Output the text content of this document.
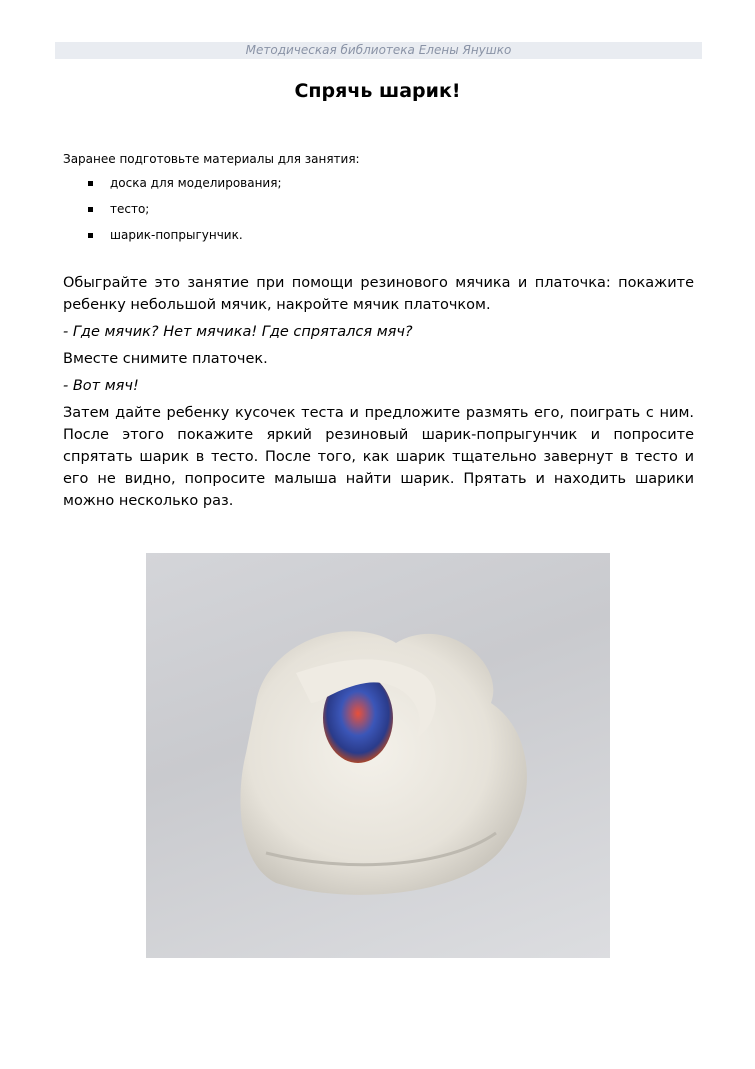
Методическая библиотека Елены Янушко
Спрячь шарик!
Заранее подготовьте материалы для занятия:
доска для моделирования;
тесто;
шарик-попрыгунчик.

Обыграйте это занятие при помощи резинового мячика и платочка: покажите ребенку небольшой мячик, накройте мячик платочком.

- Где мячик? Нет мячика! Где спрятался мяч?

Вместе снимите платочек.

- Вот мяч!

Затем дайте ребенку кусочек теста и предложите размять его, поиграть с ним. После этого покажите яркий резиновый шарик-попрыгунчик и попросите спрятать шарик в тесто. После того, как шарик тщательно завернут в тесто и его не видно, попросите малыша найти шарик. Прятать и находить шарики можно несколько раз.
